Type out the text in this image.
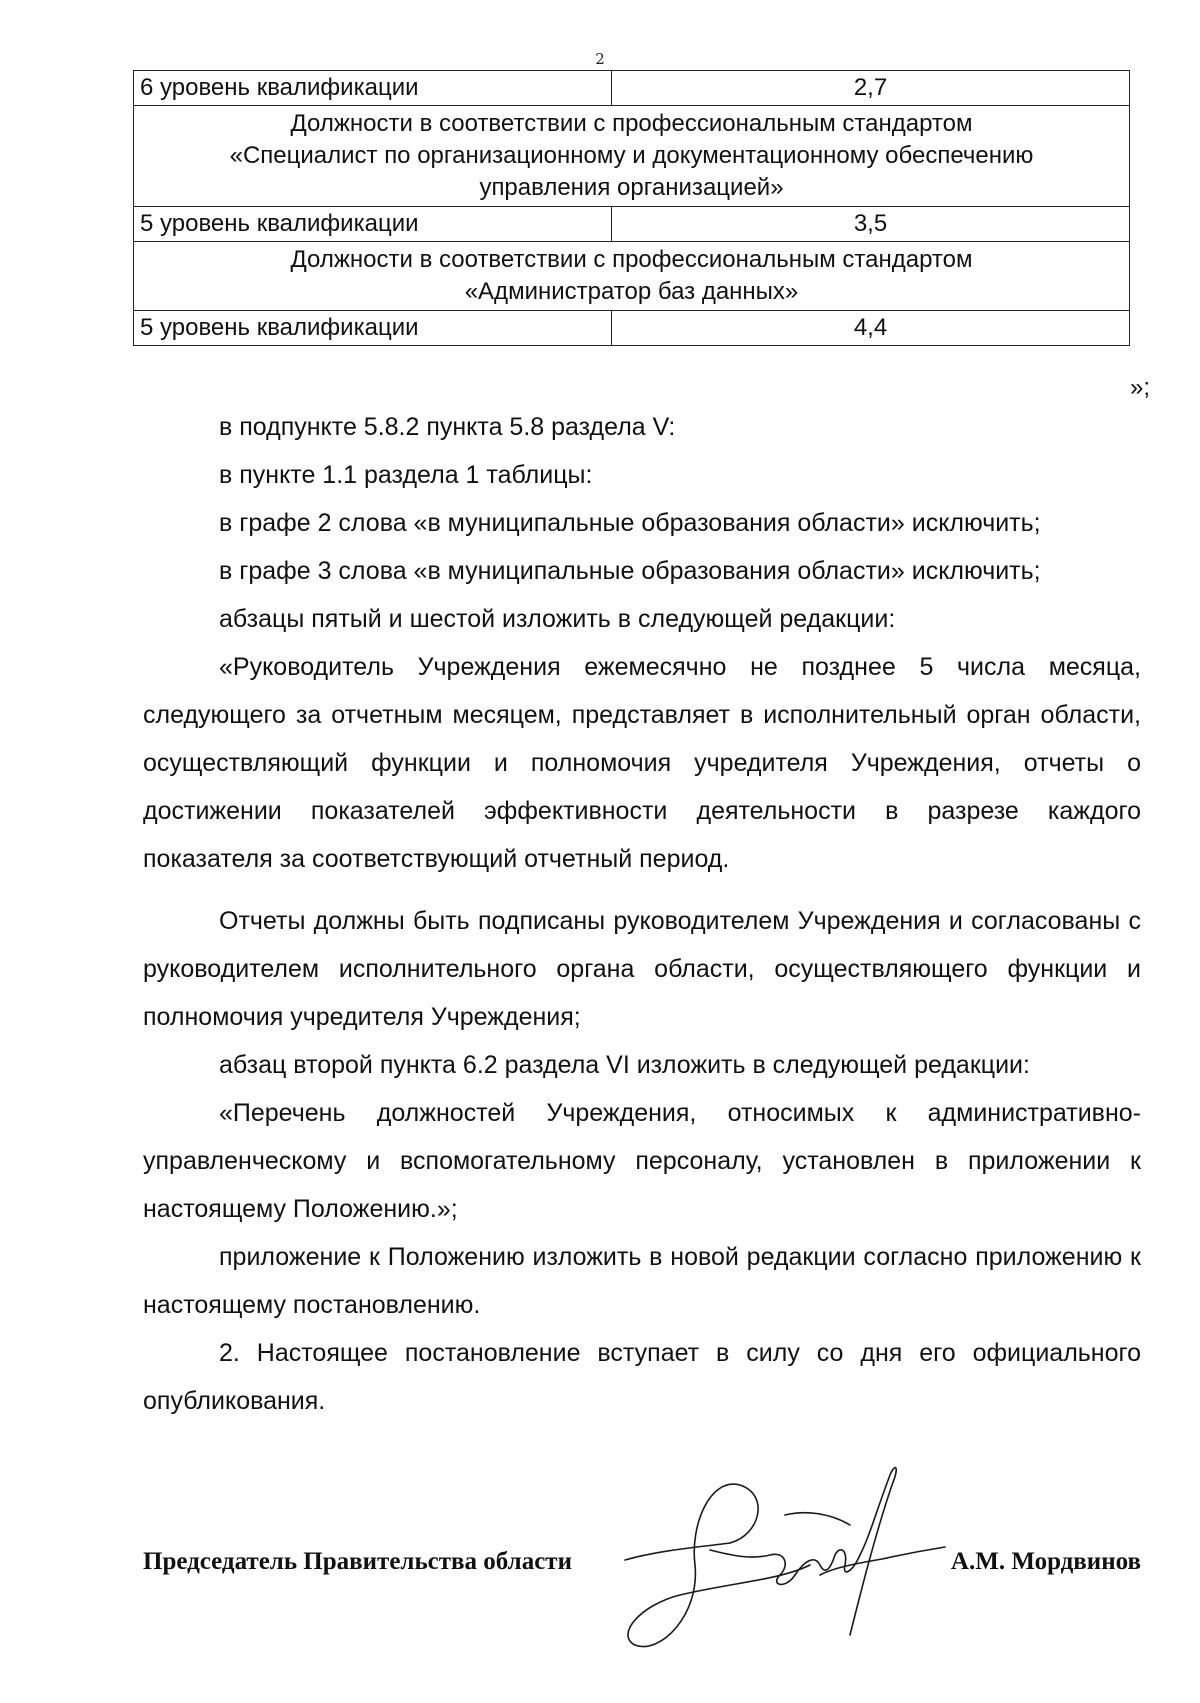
2
6 уровень квалификации	2,7

Должности в соответствии с профессиональным стандартом
«Специалист по организационному и документационному обеспечению
управления организацией»	

5 уровень квалификации	3,5

Должности в соответствии с профессиональным стандартом
«Администратор баз данных»	

5 уровень квалификации	4,4
»;

в подпункте 5.8.2 пункта 5.8 раздела V:

в пункте 1.1 раздела 1 таблицы:

в графе 2 слова «в муниципальные образования области» исключить;

в графе 3 слова «в муниципальные образования области» исключить;

абзацы пятый и шестой изложить в следующей редакции:

«Руководитель Учреждения ежемесячно не позднее 5 числа месяца, следующего за отчетным месяцем, представляет в исполнительный орган области, осуществляющий функции и полномочия учредителя Учреждения, отчеты о достижении показателей эффективности деятельности в разрезе каждого показателя за соответствующий отчетный период.

Отчеты должны быть подписаны руководителем Учреждения и согласованы с руководителем исполнительного органа области, осуществляющего функции и полномочия учредителя Учреждения;

абзац второй пункта 6.2 раздела VI изложить в следующей редакции:

«Перечень должностей Учреждения, относимых к административно-управленческому и вспомогательному персоналу, установлен в приложении к настоящему Положению.»;

приложение к Положению изложить в новой редакции согласно приложению к настоящему постановлению.

2. Настоящее постановление вступает в силу со дня его официального опубликования.

Председатель Правительства области	А.М. Мордвинов
